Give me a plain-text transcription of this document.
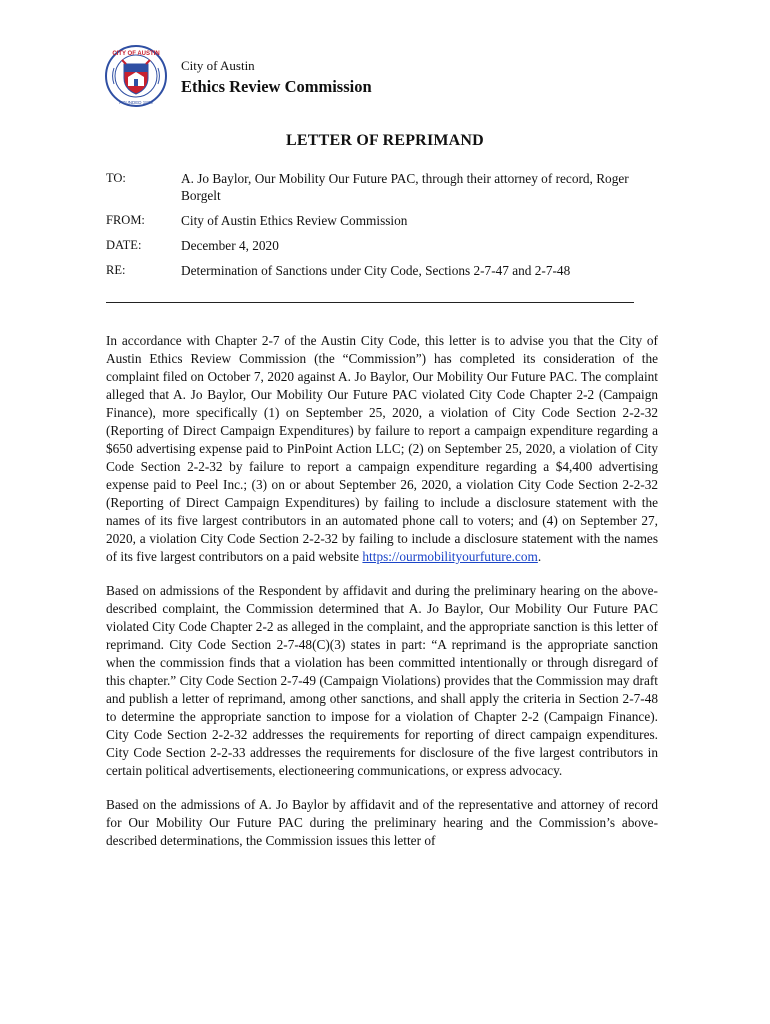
CITY OF AUSTIN
FOUNDED 1839
City of Austin
Ethics Review Commission
LETTER OF REPRIMAND
TO:	A. Jo Baylor, Our Mobility Our Future PAC, through their attorney of record, Roger Borgelt
FROM:	City of Austin Ethics Review Commission
DATE:	December 4, 2020
RE:	Determination of Sanctions under City Code, Sections 2-7-47 and 2-7-48

In accordance with Chapter 2-7 of the Austin City Code, this letter is to advise you that the City of Austin Ethics Review Commission (the “Commission”) has completed its consideration of the complaint filed on October 7, 2020 against A. Jo Baylor, Our Mobility Our Future PAC. The complaint alleged that A. Jo Baylor, Our Mobility Our Future PAC violated City Code Chapter 2-2 (Campaign Finance), more specifically (1) on September 25, 2020, a violation of City Code Section 2-2-32 (Reporting of Direct Campaign Expenditures) by failure to report a campaign expenditure regarding a $650 advertising expense paid to PinPoint Action LLC; (2) on September 25, 2020, a violation of City Code Section 2-2-32 by failure to report a campaign expenditure regarding a $4,400 advertising expense paid to Peel Inc.; (3) on or about September 26, 2020, a violation City Code Section 2-2-32 (Reporting of Direct Campaign Expenditures) by failing to include a disclosure statement with the names of its five largest contributors in an automated phone call to voters; and (4) on September 27, 2020, a violation City Code Section 2-2-32 by failing to include a disclosure statement with the names of its five largest contributors on a paid website https://ourmobilityourfuture.com.

Based on admissions of the Respondent by affidavit and during the preliminary hearing on the above-described complaint, the Commission determined that A. Jo Baylor, Our Mobility Our Future PAC violated City Code Chapter 2-2 as alleged in the complaint, and the appropriate sanction is this letter of reprimand. City Code Section 2-7-48(C)(3) states in part: “A reprimand is the appropriate sanction when the commission finds that a violation has been committed intentionally or through disregard of this chapter.” City Code Section 2-7-49 (Campaign Violations) provides that the Commission may draft and publish a letter of reprimand, among other sanctions, and shall apply the criteria in Section 2-7-48 to determine the appropriate sanction to impose for a violation of Chapter 2-2 (Campaign Finance). City Code Section 2-2-32 addresses the requirements for reporting of direct campaign expenditures. City Code Section 2-2-33 addresses the requirements for disclosure of the five largest contributors in certain political advertisements, electioneering communications, or express advocacy.

Based on the admissions of A. Jo Baylor by affidavit and of the representative and attorney of record for Our Mobility Our Future PAC during the preliminary hearing and the Commission’s above-described determinations, the Commission issues this letter of
